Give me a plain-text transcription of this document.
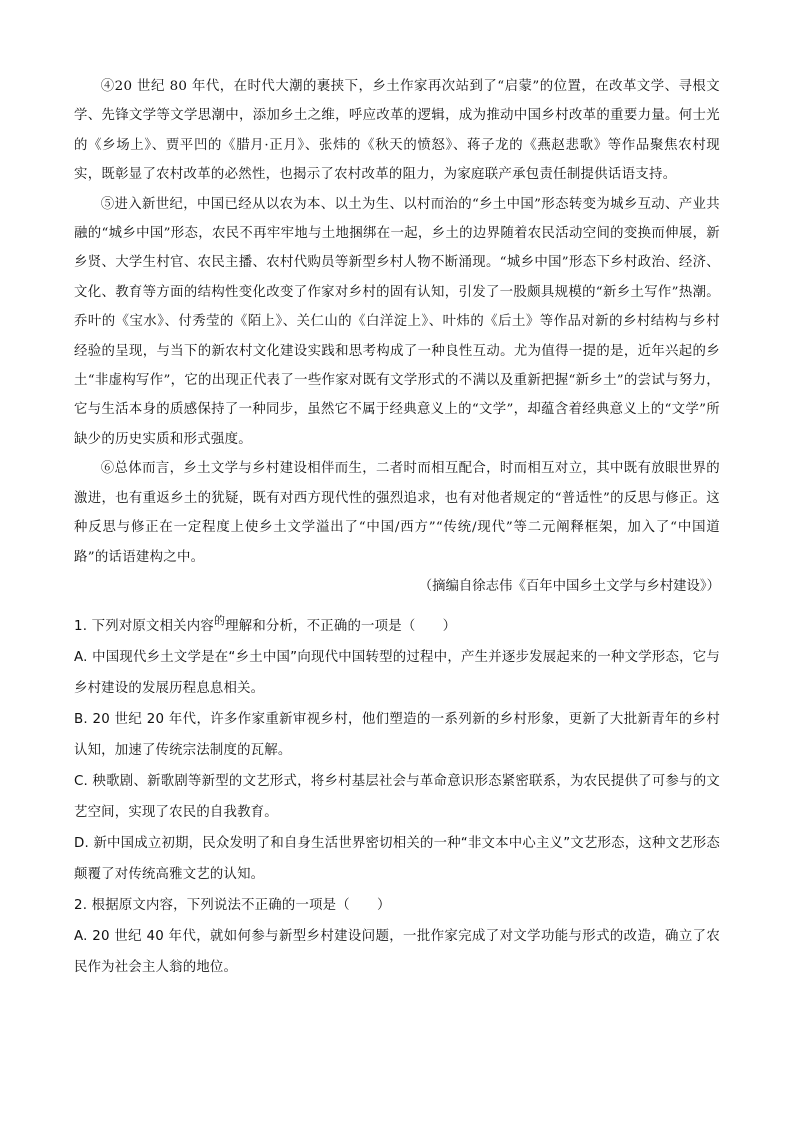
④20 世纪 80 年代，在时代大潮的裹挟下，乡土作家再次站到了“启蒙”的位置，在改革文学、寻根文学、先锋文学等文学思潮中，添加乡土之维，呼应改革的逻辑，成为推动中国乡村改革的重要力量。何士光的《乡场上》、贾平凹的《腊月·正月》、张炜的《秋天的愤怒》、蒋子龙的《燕赵悲歌》等作品聚焦农村现实，既彰显了农村改革的必然性，也揭示了农村改革的阻力，为家庭联产承包责任制提供话语支持。

⑤进入新世纪，中国已经从以农为本、以土为生、以村而治的“乡土中国”形态转变为城乡互动、产业共融的“城乡中国”形态，农民不再牢牢地与土地捆绑在一起，乡土的边界随着农民活动空间的变换而伸展，新乡贤、大学生村官、农民主播、农村代购员等新型乡村人物不断涌现。“城乡中国”形态下乡村政治、经济、文化、教育等方面的结构性变化改变了作家对乡村的固有认知，引发了一股颇具规模的“新乡土写作”热潮。乔叶的《宝水》、付秀莹的《陌上》、关仁山的《白洋淀上》、叶炜的《后土》等作品对新的乡村结构与乡村经验的呈现，与当下的新农村文化建设实践和思考构成了一种良性互动。尤为值得一提的是，近年兴起的乡土“非虚构写作”，它的出现正代表了一些作家对既有文学形式的不满以及重新把握“新乡土”的尝试与努力，它与生活本身的质感保持了一种同步，虽然它不属于经典意义上的“文学”，却蕴含着经典意义上的“文学”所缺少的历史实质和形式强度。

⑥总体而言，乡土文学与乡村建设相伴而生，二者时而相互配合，时而相互对立，其中既有放眼世界的激进，也有重返乡土的犹疑，既有对西方现代性的强烈追求，也有对他者规定的“普适性”的反思与修正。这种反思与修正在一定程度上使乡土文学溢出了“中国/西方”“传统/现代”等二元阐释框架，加入了“中国道路”的话语建构之中。

（摘编自徐志伟《百年中国乡土文学与乡村建设》）

1. 下列对原文相关内容$^的$理解和分析，不正确的一项是（　　）

A. 中国现代乡土文学是在“乡土中国”向现代中国转型的过程中，产生并逐步发展起来的一种文学形态，它与乡村建设的发展历程息息相关。

B. 20 世纪 20 年代，许多作家重新审视乡村，他们塑造的一系列新的乡村形象，更新了大批新青年的乡村认知，加速了传统宗法制度的瓦解。

C. 秧歌剧、新歌剧等新型的文艺形式，将乡村基层社会与革命意识形态紧密联系，为农民提供了可参与的文艺空间，实现了农民的自我教育。

D. 新中国成立初期，民众发明了和自身生活世界密切相关的一种“非文本中心主义”文艺形态，这种文艺形态颠覆了对传统高雅文艺的认知。

2. 根据原文内容，下列说法不正确的一项是（　　）

A. 20 世纪 40 年代，就如何参与新型乡村建设问题，一批作家完成了对文学功能与形式的改造，确立了农民作为社会主人翁的地位。
